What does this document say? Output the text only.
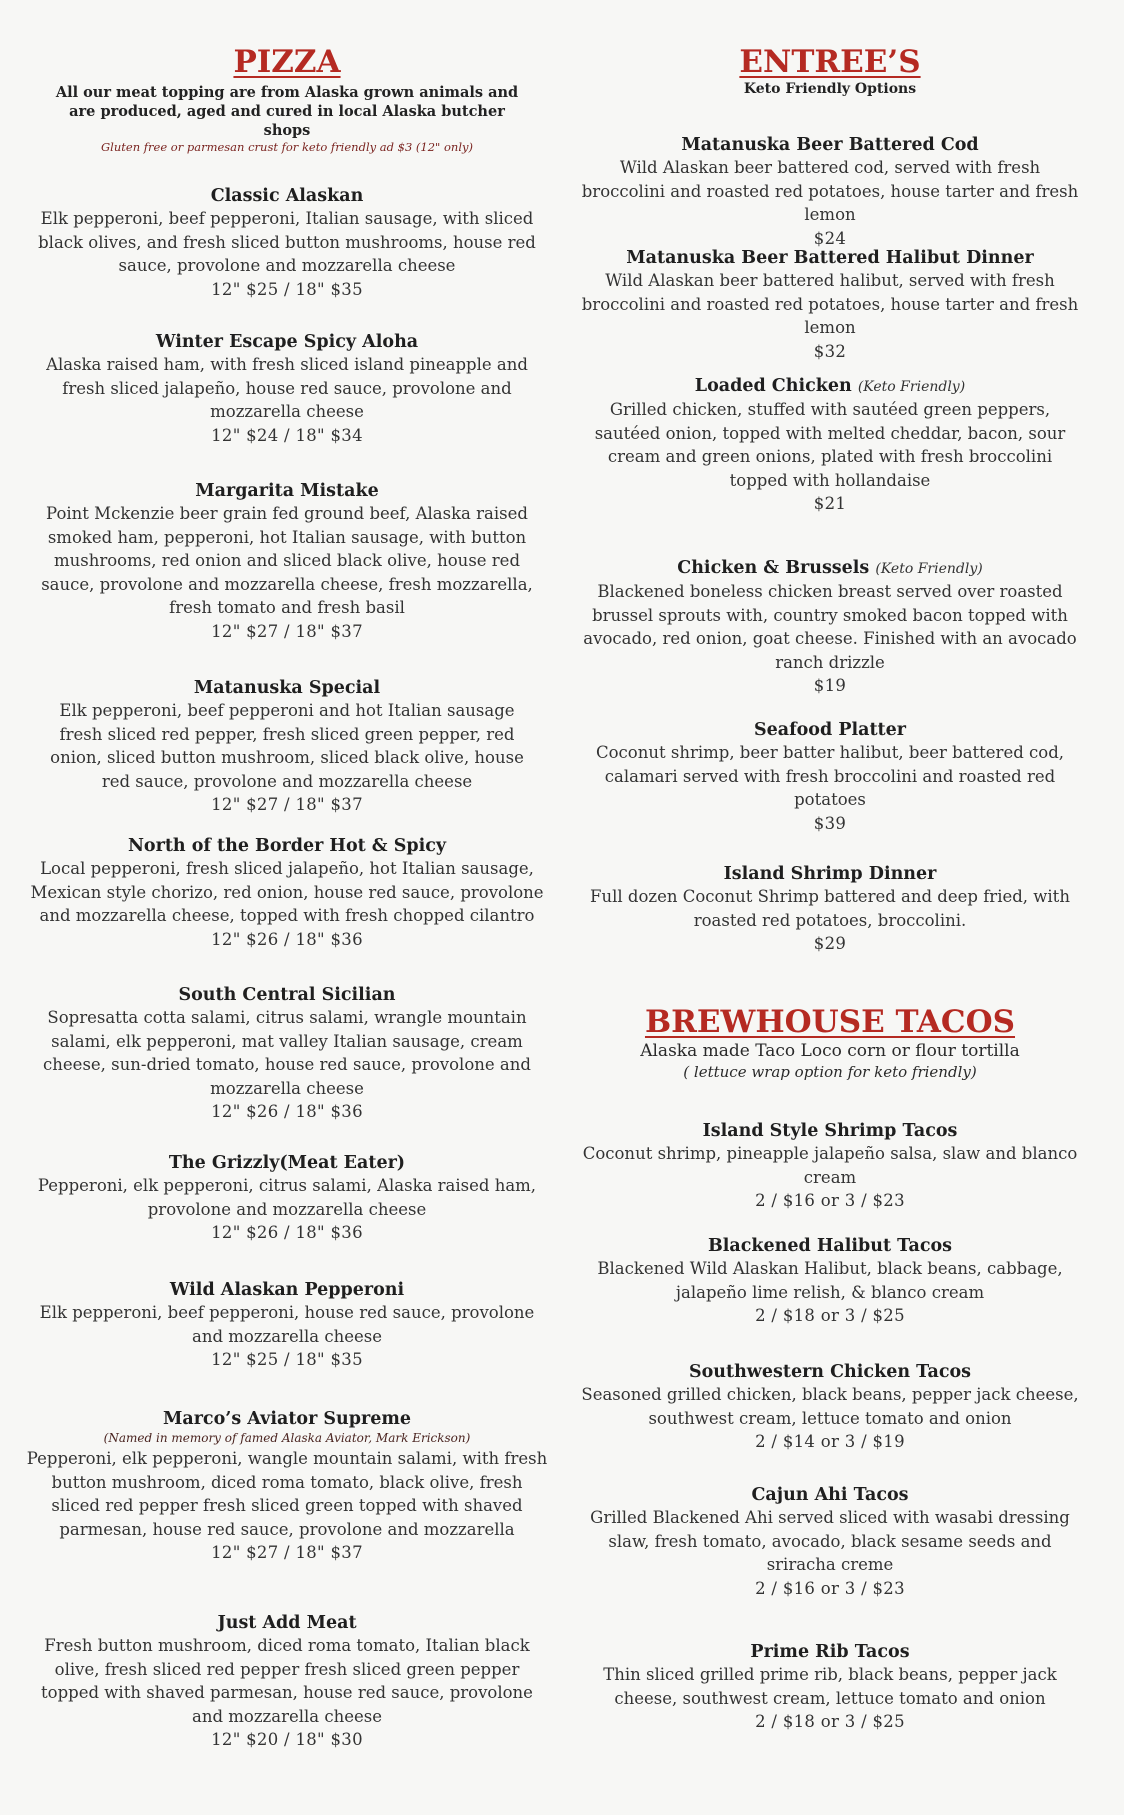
PIZZA
All our meat topping are from Alaska grown animals and are produced, aged and cured in local Alaska butcher shops
Gluten free or parmesan crust for keto friendly ad $3 (12" only)
Classic Alaskan
Elk pepperoni, beef pepperoni, Italian sausage, with sliced black olives, and fresh sliced button mushrooms, house red sauce, provolone and mozzarella cheese
12" $25 / 18" $35
Winter Escape Spicy Aloha
Alaska raised ham, with fresh sliced island pineapple and fresh sliced jalapeño, house red sauce, provolone and mozzarella cheese
12" $24 / 18" $34
Margarita Mistake
Point Mckenzie beer grain fed ground beef, Alaska raised smoked ham, pepperoni, hot Italian sausage, with button mushrooms, red onion and sliced black olive, house red sauce, provolone and mozzarella cheese, fresh mozzarella, fresh tomato and fresh basil
12" $27 / 18" $37
Matanuska Special
Elk pepperoni, beef pepperoni and hot Italian sausage fresh sliced red pepper, fresh sliced green pepper, red onion, sliced button mushroom, sliced black olive, house red sauce, provolone and mozzarella cheese
12" $27 / 18" $37
North of the Border Hot & Spicy
Local pepperoni, fresh sliced jalapeño, hot Italian sausage, Mexican style chorizo, red onion, house red sauce, provolone and mozzarella cheese, topped with fresh chopped cilantro
12" $26 / 18" $36
South Central Sicilian
Sopresatta cotta salami, citrus salami, wrangle mountain salami, elk pepperoni, mat valley Italian sausage, cream cheese, sun-dried tomato, house red sauce, provolone and mozzarella cheese
12" $26 / 18" $36
The Grizzly(Meat Eater)
Pepperoni, elk pepperoni, citrus salami, Alaska raised ham, provolone and mozzarella cheese
12" $26 / 18" $36
Wild Alaskan Pepperoni
Elk pepperoni, beef pepperoni, house red sauce, provolone and mozzarella cheese
12" $25 / 18" $35
Marco’s Aviator Supreme
(Named in memory of famed Alaska Aviator, Mark Erickson)
Pepperoni, elk pepperoni, wangle mountain salami, with fresh button mushroom, diced roma tomato, black olive, fresh sliced red pepper fresh sliced green topped with shaved parmesan, house red sauce, provolone and mozzarella
12" $27 / 18" $37
Just Add Meat
Fresh button mushroom, diced roma tomato, Italian black olive, fresh sliced red pepper fresh sliced green pepper topped with shaved parmesan, house red sauce, provolone and mozzarella cheese
12" $20 / 18" $30
ENTREE’S
Keto Friendly Options
Matanuska Beer Battered Cod
Wild Alaskan beer battered cod, served with fresh broccolini and roasted red potatoes, house tarter and fresh lemon
$24
Matanuska Beer Battered Halibut Dinner
Wild Alaskan beer battered halibut, served with fresh broccolini and roasted red potatoes, house tarter and fresh lemon
$32
Loaded Chicken (Keto Friendly)
Grilled chicken, stuffed with sautéed green peppers, sautéed onion, topped with melted cheddar, bacon, sour cream and green onions, plated with fresh broccolini topped with hollandaise
$21
Chicken & Brussels (Keto Friendly)
Blackened boneless chicken breast served over roasted brussel sprouts with, country smoked bacon topped with avocado, red onion, goat cheese. Finished with an avocado ranch drizzle
$19
Seafood Platter
Coconut shrimp, beer batter halibut, beer battered cod, calamari served with fresh broccolini and roasted red potatoes
$39
Island Shrimp Dinner
Full dozen Coconut Shrimp battered and deep fried, with roasted red potatoes, broccolini.
$29
BREWHOUSE TACOS
Alaska made Taco Loco corn or flour tortilla
( lettuce wrap option for keto friendly)
Island Style Shrimp Tacos
Coconut shrimp, pineapple jalapeño salsa, slaw and blanco cream
2 / $16 or 3 / $23
Blackened Halibut Tacos
Blackened Wild Alaskan Halibut, black beans, cabbage, jalapeño lime relish, & blanco cream
2 / $18 or 3 / $25
Southwestern Chicken Tacos
Seasoned grilled chicken, black beans, pepper jack cheese, southwest cream, lettuce tomato and onion
2 / $14 or 3 / $19
Cajun Ahi Tacos
Grilled Blackened Ahi served sliced with wasabi dressing slaw, fresh tomato, avocado, black sesame seeds and sriracha creme
2 / $16 or 3 / $23
Prime Rib Tacos
Thin sliced grilled prime rib, black beans, pepper jack cheese, southwest cream, lettuce tomato and onion
2 / $18 or 3 / $25
